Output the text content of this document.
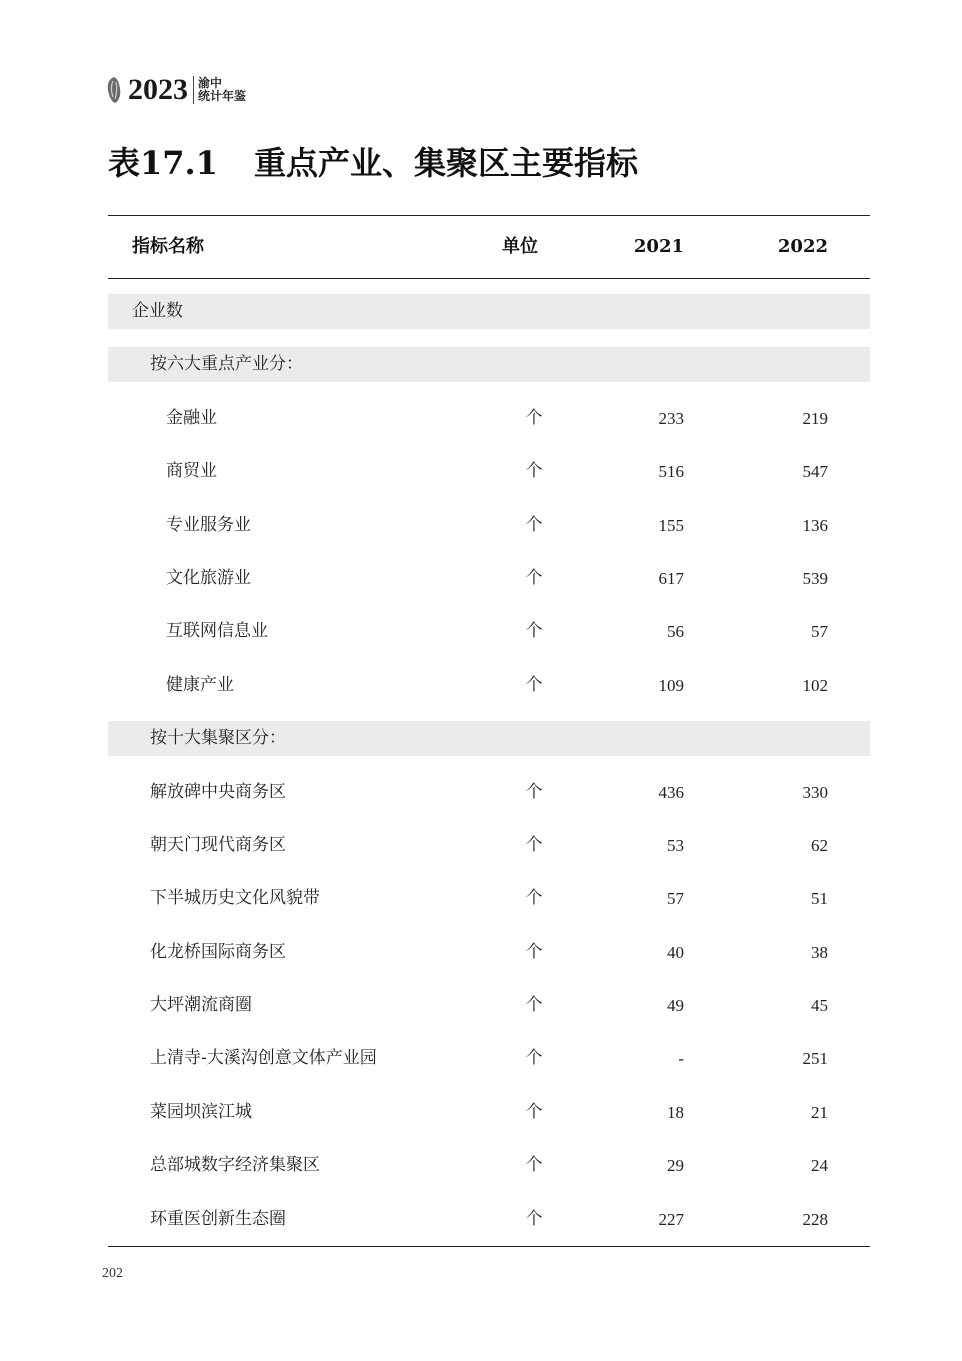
2023 渝中
统计年鉴
表17.1 重点产业、集聚区主要指标
指标名称	单位	2021	2022
企业数
按六大重点产业分：
金融业	个	233	219
商贸业	个	516	547
专业服务业	个	155	136
文化旅游业	个	617	539
互联网信息业	个	56	57
健康产业	个	109	102
按十大集聚区分：
解放碑中央商务区	个	436	330
朝天门现代商务区	个	53	62
下半城历史文化风貌带	个	57	51
化龙桥国际商务区	个	40	38
大坪潮流商圈	个	49	45
上清寺-大溪沟创意文体产业园	个	-	251
菜园坝滨江城	个	18	21
总部城数字经济集聚区	个	29	24
环重医创新生态圈	个	227	228
202
